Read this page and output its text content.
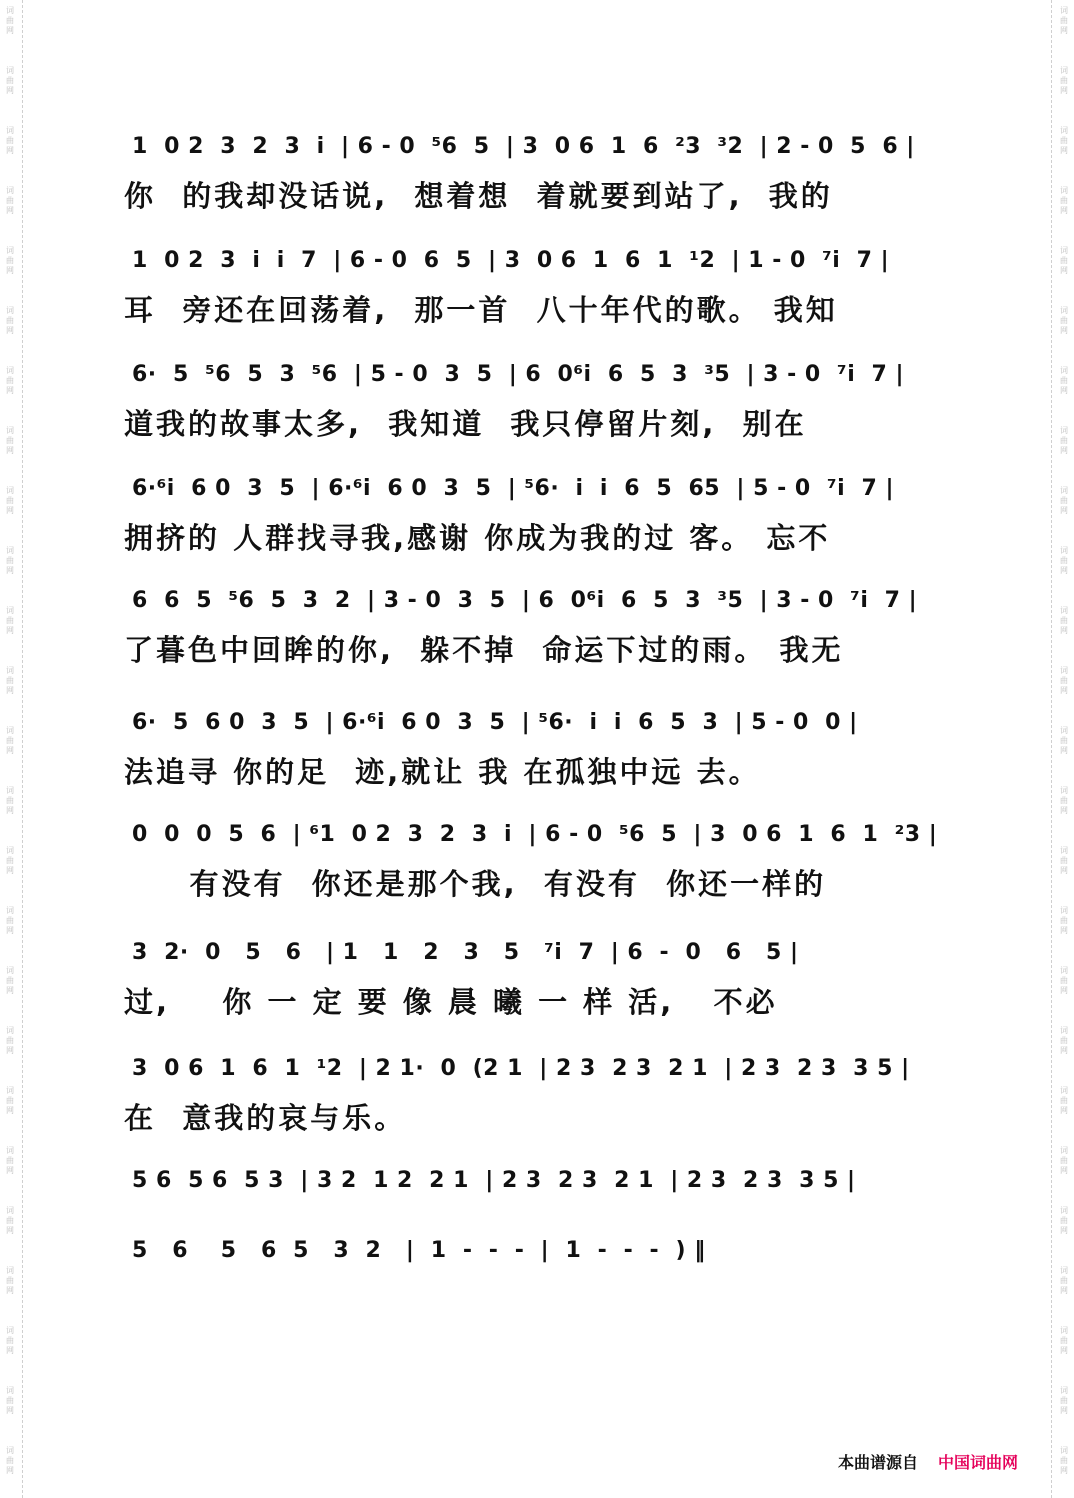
词
曲
网
词
曲
网
词
曲
网
词
曲
网
词
曲
网
词
曲
网
词
曲
网
词
曲
网
词
曲
网
词
曲
网
词
曲
网
词
曲
网
词
曲
网
词
曲
网
词
曲
网
词
曲
网
词
曲
网
词
曲
网
词
曲
网
词
曲
网
词
曲
网
词
曲
网
词
曲
网
词
曲
网
词
曲
网
词
曲
网
词
曲
网
词
曲
网
词
曲
网
词
曲
网
词
曲
网
词
曲
网
词
曲
网
词
曲
网
词
曲
网
词
曲
网
词
曲
网
词
曲
网
词
曲
网
词
曲
网
词
曲
网
词
曲
网
词
曲
网
词
曲
网
词
曲
网
词
曲
网
词
曲
网
词
曲
网
词
曲
网
词
曲
网
1  0 2  3  2  3  i  | 6 - 0  ⁵6  5  | 3  0 6  1  6  ²3  ³2  | 2 - 0  5  6 |
你  的我却没话说,  想着想  着就要到站了,  我的
1  0 2  3  i  i  7  | 6 - 0  6  5  | 3  0 6  1  6  1  ¹2  | 1 - 0  ⁷i  7 |
耳  旁还在回荡着,  那一首  八十年代的歌。 我知
6·  5  ⁵6  5  3  ⁵6  | 5 - 0  3  5  | 6  0⁶i  6  5  3  ³5  | 3 - 0  ⁷i  7 |
道我的故事太多,  我知道  我只停留片刻,  别在
6·⁶i  6 0  3  5  | 6·⁶i  6 0  3  5  | ⁵6·  i  i  6  5  65  | 5 - 0  ⁷i  7 |
拥挤的 人群找寻我,感谢 你成为我的过 客。 忘不
6  6  5  ⁵6  5  3  2  | 3 - 0  3  5  | 6  0⁶i  6  5  3  ³5  | 3 - 0  ⁷i  7 |
了暮色中回眸的你,  躲不掉  命运下过的雨。 我无
6·  5  6 0  3  5  | 6·⁶i  6 0  3  5  | ⁵6·  i  i  6  5  3  | 5 - 0  0 |
法追寻 你的足  迹,就让 我 在孤独中远 去。
0  0  0  5  6  | ⁶1  0 2  3  2  3  i  | 6 - 0  ⁵6  5  | 3  0 6  1  6  1  ²3 |
有没有  你还是那个我,  有没有  你还一样的
3  2·  0   5   6   | 1   1   2   3   5   ⁷i  7  | 6  -  0   6   5 |
过,    你 一 定 要 像 晨 曦 一 样 活,   不必
3  0 6  1  6  1  ¹2  | 2 1·  0  (2 1  | 2 3  2 3  2 1  | 2 3  2 3  3 5 |
在  意我的哀与乐。
5 6  5 6  5 3  | 3 2  1 2  2 1  | 2 3  2 3  2 1  | 2 3  2 3  3 5 |
5   6    5   6  5   3  2   |  1  -  -  -  |  1  -  -  -  ) ‖
本曲谱源自 中国词曲网
